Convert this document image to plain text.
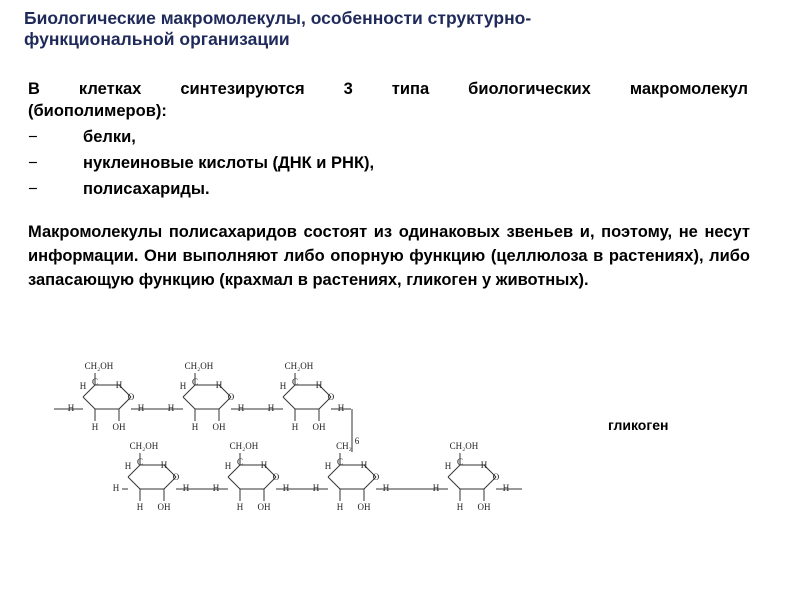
Биологические макромолекулы, особенности структурно-функциональной организации
В клетках синтезируются 3 типа биологических макромолекул
(биополимеров):
−	белки,
−	нуклеиновые кислоты (ДНК и РНК),
−	полисахариды.
Макромолекулы полисахаридов состоят из одинаковых звеньев и, поэтому, не несут информации. Они выполняют либо опорную функцию (целлюлоза в растениях), либо запасающую функцию (крахмал в растениях, гликоген у животных).
O
CH₂OH
C H
H
H OH
H	H
O
CH₂OH
C H
H
H OH
H	H
O
CH₂OH
C H
H
H OH
H	H
6
O
CH₂OH
C H
H
H OH
H	H
O
CH₂OH
C H
H
H OH
H	H
O
CH₂
C H
H
H OH
H	H
O
CH₂OH
C H
H
H OH
H	H
гликоген
